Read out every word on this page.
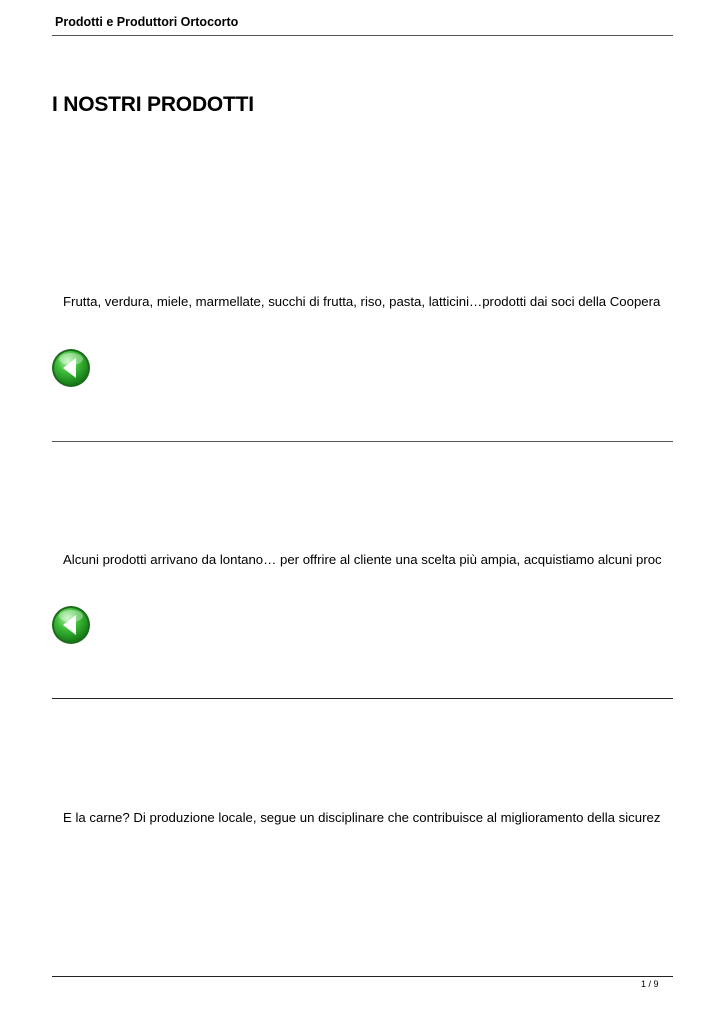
Prodotti e Produttori Ortocorto
I NOSTRI PRODOTTI
Frutta, verdura, miele, marmellate, succhi di frutta, riso, pasta, latticini…prodotti dai soci della Coopera
Alcuni prodotti arrivano da lontano… per offrire al cliente una scelta più ampia, acquistiamo alcuni proc
E la carne? Di produzione locale, segue un disciplinare che contribuisce al miglioramento della sicurez
1 / 9
